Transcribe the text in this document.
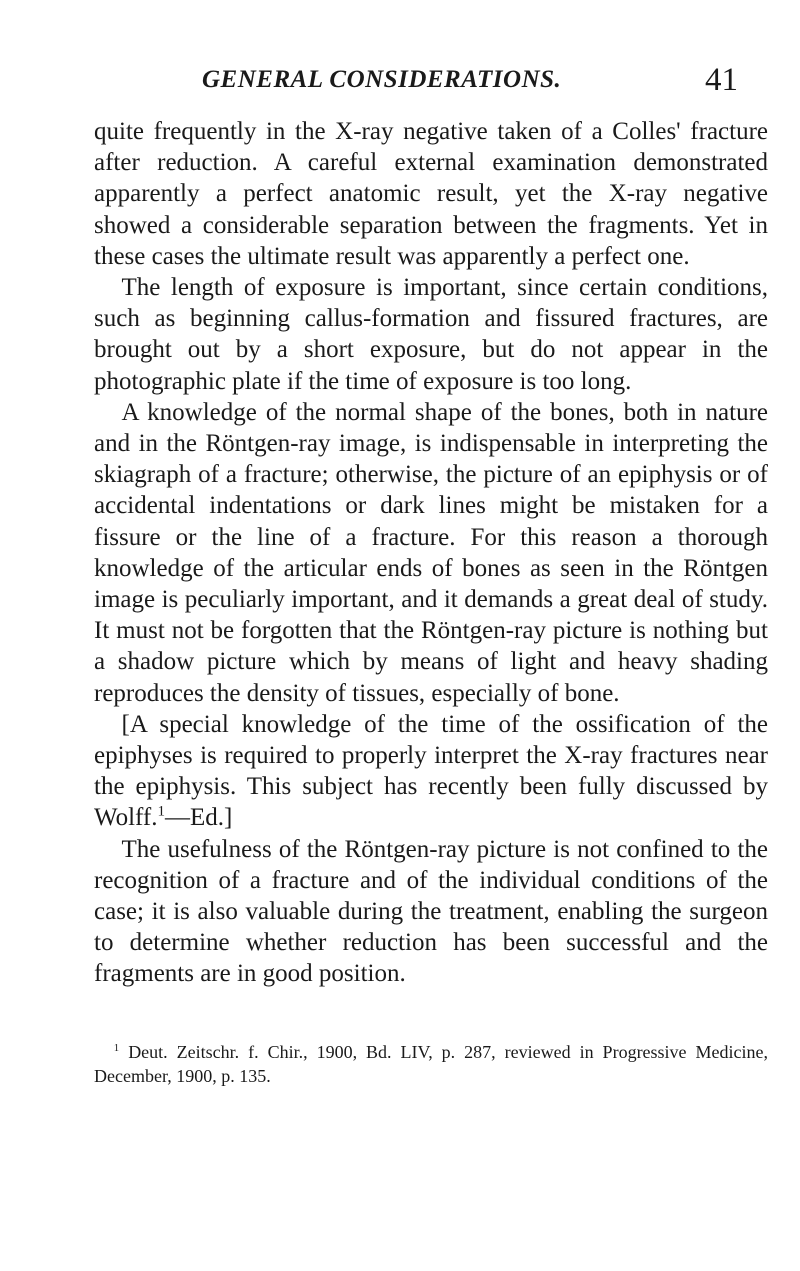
GENERAL CONSIDERATIONS.	41

quite frequently in the X-ray negative taken of a Colles' fracture after reduction. A careful external examination demonstrated apparently a perfect anatomic result, yet the X-ray negative showed a considerable separation between the fragments. Yet in these cases the ultimate result was apparently a perfect one.

The length of exposure is important, since certain conditions, such as beginning callus-formation and fissured fractures, are brought out by a short exposure, but do not appear in the photographic plate if the time of exposure is too long.

A knowledge of the normal shape of the bones, both in nature and in the Röntgen-ray image, is indispensable in interpreting the skiagraph of a fracture; otherwise, the picture of an epiphysis or of accidental indentations or dark lines might be mistaken for a fissure or the line of a fracture. For this reason a thorough knowledge of the articular ends of bones as seen in the Röntgen image is peculiarly important, and it demands a great deal of study. It must not be forgotten that the Röntgen-ray picture is nothing but a shadow picture which by means of light and heavy shading reproduces the density of tissues, especially of bone.

[A special knowledge of the time of the ossification of the epiphyses is required to properly interpret the X-ray fractures near the epiphysis. This subject has recently been fully discussed by Wolff.$^1$—Ed.]

The usefulness of the Röntgen-ray picture is not confined to the recognition of a fracture and of the individual conditions of the case; it is also valuable during the treatment, enabling the surgeon to determine whether reduction has been successful and the fragments are in good position.

$^1$ Deut. Zeitschr. f. Chir., 1900, Bd. LIV, p. 287, reviewed in Progressive Medicine, December, 1900, p. 135.
